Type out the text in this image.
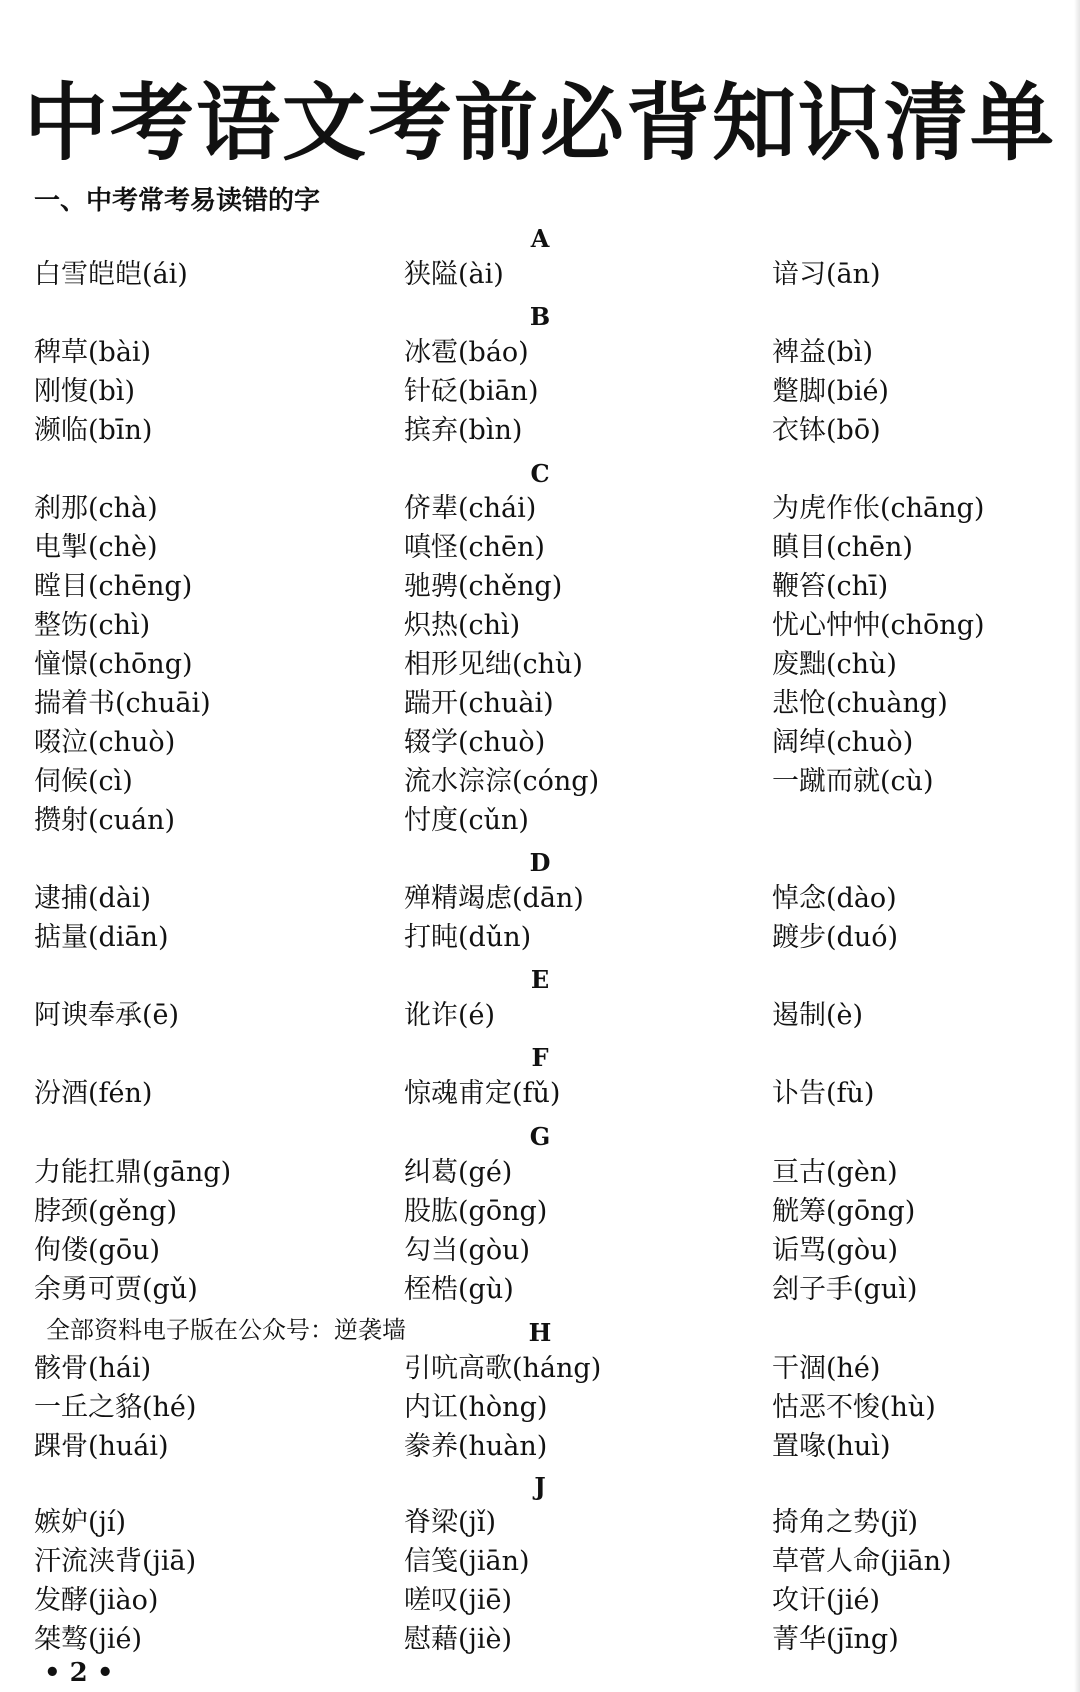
中考语文考前必背知识清单
一、中考常考易读错的字
A
白雪皑皑(ái)	狭隘(ài)	谙习(ān)
B
稗草(bài)	冰雹(báo)	裨益(bì)
刚愎(bì)	针砭(biān)	蹩脚(bié)
濒临(bīn)	摈弃(bìn)	衣钵(bō)
C
刹那(chà)	侪辈(chái)	为虎作伥(chāng)
电掣(chè)	嗔怪(chēn)	瞋目(chēn)
瞠目(chēng)	驰骋(chěng)	鞭笞(chī)
整饬(chì)	炽热(chì)	忧心忡忡(chōng)
憧憬(chōng)	相形见绌(chù)	废黜(chù)
揣着书(chuāi)	踹开(chuài)	悲怆(chuàng)
啜泣(chuò)	辍学(chuò)	阔绰(chuò)
伺候(cì)	流水淙淙(cóng)	一蹴而就(cù)
攒射(cuán)	忖度(cǔn)
D
逮捕(dài)	殚精竭虑(dān)	悼念(dào)
掂量(diān)	打盹(dǔn)	踱步(duó)
E
阿谀奉承(ē)	讹诈(é)	遏制(è)
F
汾酒(fén)	惊魂甫定(fǔ)	讣告(fù)
G
力能扛鼎(gāng)	纠葛(gé)	亘古(gèn)
脖颈(gěng)	股肱(gōng)	觥筹(gōng)
佝偻(gōu)	勾当(gòu)	诟骂(gòu)
余勇可贾(gǔ)	桎梏(gù)	刽子手(guì)
H
骸骨(hái)	引吭高歌(háng)	干涸(hé)
一丘之貉(hé)	内讧(hòng)	怙恶不悛(hù)
踝骨(huái)	豢养(huàn)	置喙(huì)
J
嫉妒(jí)	脊梁(jǐ)	掎角之势(jǐ)
汗流浃背(jiā)	信笺(jiān)	草菅人命(jiān)
发酵(jiào)	嗟叹(jiē)	攻讦(jié)
桀骜(jié)	慰藉(jiè)	菁华(jīng)
全部资料电子版在公众号：逆袭墙
• 2 •
